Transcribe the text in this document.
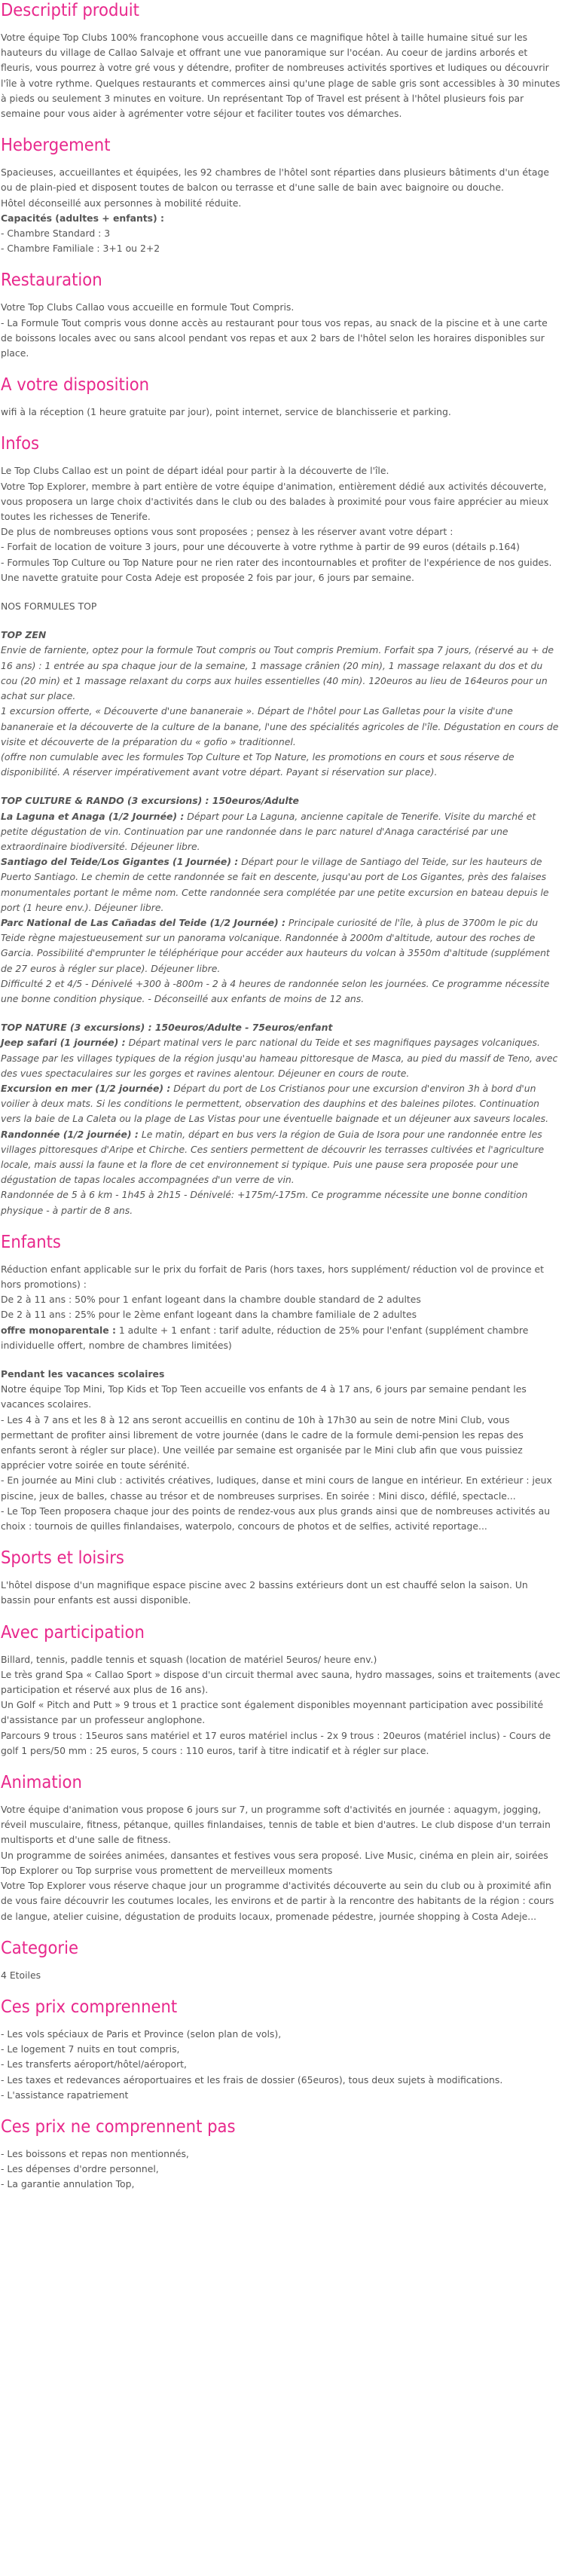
Descriptif produit
Votre équipe Top Clubs 100% francophone vous accueille dans ce magnifique hôtel à taille humaine situé sur les hauteurs du village de Callao Salvaje et offrant une vue panoramique sur l'océan. Au coeur de jardins arborés et fleuris, vous pourrez à votre gré vous y détendre, profiter de nombreuses activités sportives et ludiques ou découvrir l'île à votre rythme. Quelques restaurants et commerces ainsi qu'une plage de sable gris sont accessibles à 30 minutes à pieds ou seulement 3 minutes en voiture. Un représentant Top of Travel est présent à l'hôtel plusieurs fois par semaine pour vous aider à agrémenter votre séjour et faciliter toutes vos démarches.
Hebergement
Spacieuses, accueillantes et équipées, les 92 chambres de l'hôtel sont réparties dans plusieurs bâtiments d'un étage ou de plain-pied et disposent toutes de balcon ou terrasse et d'une salle de bain avec baignoire ou douche.
Hôtel déconseillé aux personnes à mobilité réduite.
Capacités (adultes + enfants) :
- Chambre Standard : 3
- Chambre Familiale : 3+1 ou 2+2
Restauration
Votre Top Clubs Callao vous accueille en formule Tout Compris.
- La Formule Tout compris vous donne accès au restaurant pour tous vos repas, au snack de la piscine et à une carte de boissons locales avec ou sans alcool pendant vos repas et aux 2 bars de l'hôtel selon les horaires disponibles sur place.
A votre disposition
wifi à la réception (1 heure gratuite par jour), point internet, service de blanchisserie et parking.
Infos
Le Top Clubs Callao est un point de départ idéal pour partir à la découverte de l'île.
Votre Top Explorer, membre à part entière de votre équipe d'animation, entièrement dédié aux activités découverte, vous proposera un large choix d'activités dans le club ou des balades à proximité pour vous faire apprécier au mieux toutes les richesses de Tenerife.
De plus de nombreuses options vous sont proposées ; pensez à les réserver avant votre départ :
- Forfait de location de voiture 3 jours, pour une découverte à votre rythme à partir de 99 euros (détails p.164)
- Formules Top Culture ou Top Nature pour ne rien rater des incontournables et profiter de l'expérience de nos guides. Une navette gratuite pour Costa Adeje est proposée 2 fois par jour, 6 jours par semaine.
NOS FORMULES TOP
TOP ZEN
Envie de farniente, optez pour la formule Tout compris ou Tout compris Premium. Forfait spa 7 jours, (réservé au + de 16 ans) : 1 entrée au spa chaque jour de la semaine, 1 massage crânien (20 min), 1 massage relaxant du dos et du cou (20 min) et 1 massage relaxant du corps aux huiles essentielles (40 min). 120euros au lieu de 164euros pour un achat sur place.
1 excursion offerte, « Découverte d'une bananeraie ». Départ de l'hôtel pour Las Galletas pour la visite d'une bananeraie et la découverte de la culture de la banane, l'une des spécialités agricoles de l'île. Dégustation en cours de visite et découverte de la préparation du « gofio » traditionnel.
(offre non cumulable avec les formules Top Culture et Top Nature, les promotions en cours et sous réserve de disponibilité. A réserver impérativement avant votre départ. Payant si réservation sur place).
TOP CULTURE & RANDO (3 excursions) : 150euros/Adulte
La Laguna et Anaga (1/2 Journée) : Départ pour La Laguna, ancienne capitale de Tenerife. Visite du marché et petite dégustation de vin. Continuation par une randonnée dans le parc naturel d'Anaga caractérisé par une extraordinaire biodiversité. Déjeuner libre.
Santiago del Teide/Los Gigantes (1 Journée) : Départ pour le village de Santiago del Teide, sur les hauteurs de Puerto Santiago. Le chemin de cette randonnée se fait en descente, jusqu'au port de Los Gigantes, près des falaises monumentales portant le même nom. Cette randonnée sera complétée par une petite excursion en bateau depuis le port (1 heure env.). Déjeuner libre.
Parc National de Las Cañadas del Teide (1/2 Journée) : Principale curiosité de l'île, à plus de 3700m le pic du Teide règne majestueusement sur un panorama volcanique. Randonnée à 2000m d'altitude, autour des roches de Garcia. Possibilité d'emprunter le téléphérique pour accéder aux hauteurs du volcan à 3550m d'altitude (supplément de 27 euros à régler sur place). Déjeuner libre.
Difficulté 2 et 4/5 - Dénivelé +300 à -800m - 2 à 4 heures de randonnée selon les journées. Ce programme nécessite une bonne condition physique. - Déconseillé aux enfants de moins de 12 ans.
TOP NATURE (3 excursions) : 150euros/Adulte - 75euros/enfant
Jeep safari (1 journée) : Départ matinal vers le parc national du Teide et ses magnifiques paysages volcaniques. Passage par les villages typiques de la région jusqu'au hameau pittoresque de Masca, au pied du massif de Teno, avec des vues spectaculaires sur les gorges et ravines alentour. Déjeuner en cours de route.
Excursion en mer (1/2 journée) : Départ du port de Los Cristianos pour une excursion d'environ 3h à bord d'un voilier à deux mats. Si les conditions le permettent, observation des dauphins et des baleines pilotes. Continuation vers la baie de La Caleta ou la plage de Las Vistas pour une éventuelle baignade et un déjeuner aux saveurs locales.
Randonnée (1/2 journée) : Le matin, départ en bus vers la région de Guia de Isora pour une randonnée entre les villages pittoresques d'Aripe et Chirche. Ces sentiers permettent de découvrir les terrasses cultivées et l'agriculture locale, mais aussi la faune et la flore de cet environnement si typique. Puis une pause sera proposée pour une dégustation de tapas locales accompagnées d'un verre de vin.
Randonnée de 5 à 6 km - 1h45 à 2h15 - Dénivelé: +175m/-175m. Ce programme nécessite une bonne condition physique - à partir de 8 ans.
Enfants
Réduction enfant applicable sur le prix du forfait de Paris (hors taxes, hors supplément/ réduction vol de province et hors promotions) :
De 2 à 11 ans : 50% pour 1 enfant logeant dans la chambre double standard de 2 adultes
De 2 à 11 ans : 25% pour le 2ème enfant logeant dans la chambre familiale de 2 adultes
offre monoparentale : 1 adulte + 1 enfant : tarif adulte, réduction de 25% pour l'enfant (supplément chambre individuelle offert, nombre de chambres limitées)
Pendant les vacances scolaires
Notre équipe Top Mini, Top Kids et Top Teen accueille vos enfants de 4 à 17 ans, 6 jours par semaine pendant les vacances scolaires.
- Les 4 à 7 ans et les 8 à 12 ans seront accueillis en continu de 10h à 17h30 au sein de notre Mini Club, vous permettant de profiter ainsi librement de votre journée (dans le cadre de la formule demi-pension les repas des enfants seront à régler sur place). Une veillée par semaine est organisée par le Mini club afin que vous puissiez apprécier votre soirée en toute sérénité.
- En journée au Mini club : activités créatives, ludiques, danse et mini cours de langue en intérieur. En extérieur : jeux piscine, jeux de balles, chasse au trésor et de nombreuses surprises. En soirée : Mini disco, défilé, spectacle...
- Le Top Teen proposera chaque jour des points de rendez-vous aux plus grands ainsi que de nombreuses activités au choix : tournois de quilles finlandaises, waterpolo, concours de photos et de selfies, activité reportage...
Sports et loisirs
L'hôtel dispose d'un magnifique espace piscine avec 2 bassins extérieurs dont un est chauffé selon la saison. Un bassin pour enfants est aussi disponible.
Avec participation
Billard, tennis, paddle tennis et squash (location de matériel 5euros/ heure env.)
Le très grand Spa « Callao Sport » dispose d'un circuit thermal avec sauna, hydro massages, soins et traitements (avec participation et réservé aux plus de 16 ans).
Un Golf « Pitch and Putt » 9 trous et 1 practice sont également disponibles moyennant participation avec possibilité d'assistance par un professeur anglophone.
Parcours 9 trous : 15euros sans matériel et 17 euros matériel inclus - 2x 9 trous : 20euros (matériel inclus) - Cours de golf 1 pers/50 mm : 25 euros, 5 cours : 110 euros, tarif à titre indicatif et à régler sur place.
Animation
Votre équipe d'animation vous propose 6 jours sur 7, un programme soft d'activités en journée : aquagym, jogging, réveil musculaire, fitness, pétanque, quilles finlandaises, tennis de table et bien d'autres. Le club dispose d'un terrain multisports et d'une salle de fitness.
Un programme de soirées animées, dansantes et festives vous sera proposé. Live Music, cinéma en plein air, soirées Top Explorer ou Top surprise vous promettent de merveilleux moments
Votre Top Explorer vous réserve chaque jour un programme d'activités découverte au sein du club ou à proximité afin de vous faire découvrir les coutumes locales, les environs et de partir à la rencontre des habitants de la région : cours de langue, atelier cuisine, dégustation de produits locaux, promenade pédestre, journée shopping à Costa Adeje...
Categorie
4 Etoiles
Ces prix comprennent
- Les vols spéciaux de Paris et Province (selon plan de vols),
- Le logement 7 nuits en tout compris,
- Les transferts aéroport/hôtel/aéroport,
- Les taxes et redevances aéroportuaires et les frais de dossier (65euros), tous deux sujets à modifications.
- L'assistance rapatriement
Ces prix ne comprennent pas
- Les boissons et repas non mentionnés,
- Les dépenses d'ordre personnel,
- La garantie annulation Top,
